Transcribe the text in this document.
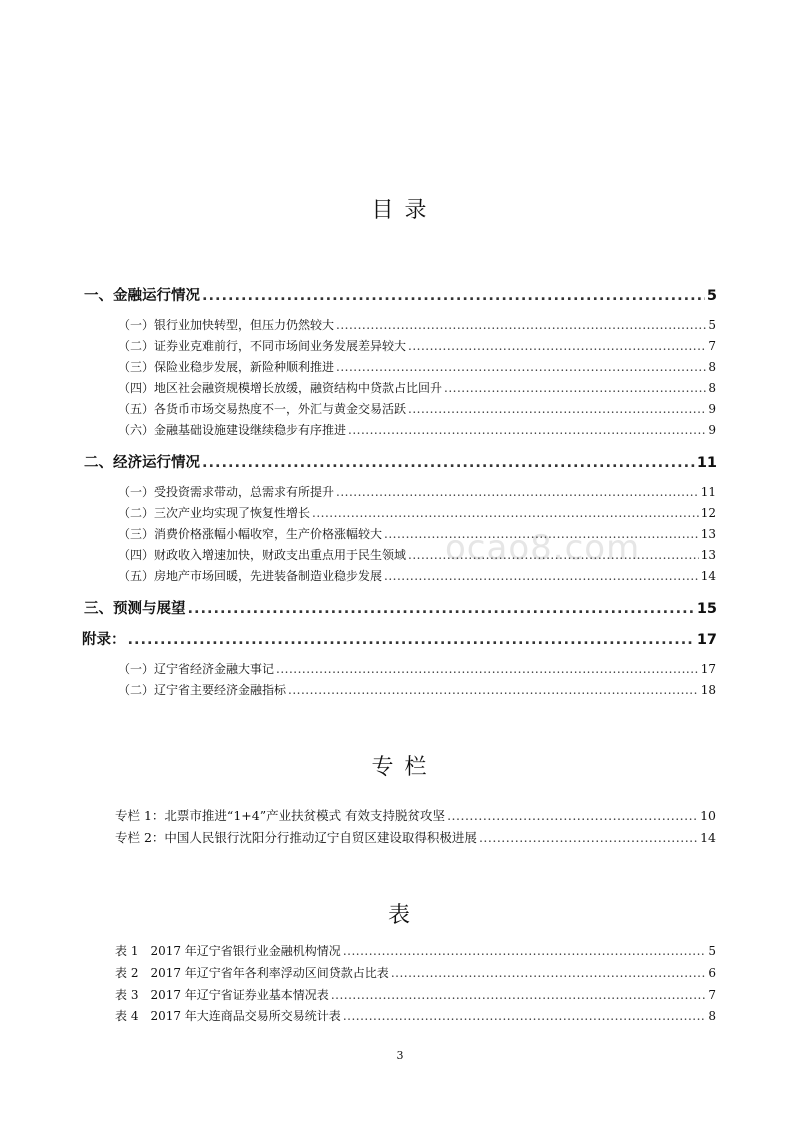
ocao8.com
目 录
一、金融运行情况 .....	5
（一）银行业加快转型，但压力仍然较大 .....	5
（二）证券业克难前行，不同市场间业务发展差异较大 .....	7
（三）保险业稳步发展，新险种顺利推进 .....	8
（四）地区社会融资规模增长放缓，融资结构中贷款占比回升 .....	8
（五）各货币市场交易热度不一，外汇与黄金交易活跃 .....	9
（六）金融基础设施建设继续稳步有序推进 .....	9
二、经济运行情况 .....	11
（一）受投资需求带动，总需求有所提升 .....	11
（二）三次产业均实现了恢复性增长 .....	12
（三）消费价格涨幅小幅收窄，生产价格涨幅较大 .....	13
（四）财政收入增速加快，财政支出重点用于民生领域 .....	13
（五）房地产市场回暖，先进装备制造业稳步发展 .....	14
三、预测与展望 .....	15
附录： .....	17
（一）辽宁省经济金融大事记 .....	17
（二）辽宁省主要经济金融指标 .....	18
专 栏
专栏 1：北票市推进“1+4”产业扶贫模式 有效支持脱贫攻坚 .....	10
专栏 2：中国人民银行沈阳分行推动辽宁自贸区建设取得积极进展 .....	14
表
表 1　2017 年辽宁省银行业金融机构情况 .....	5
表 2　2017 年辽宁省年各利率浮动区间贷款占比表 .....	6
表 3　2017 年辽宁省证券业基本情况表 .....	7
表 4　2017 年大连商品交易所交易统计表 .....	8
3
